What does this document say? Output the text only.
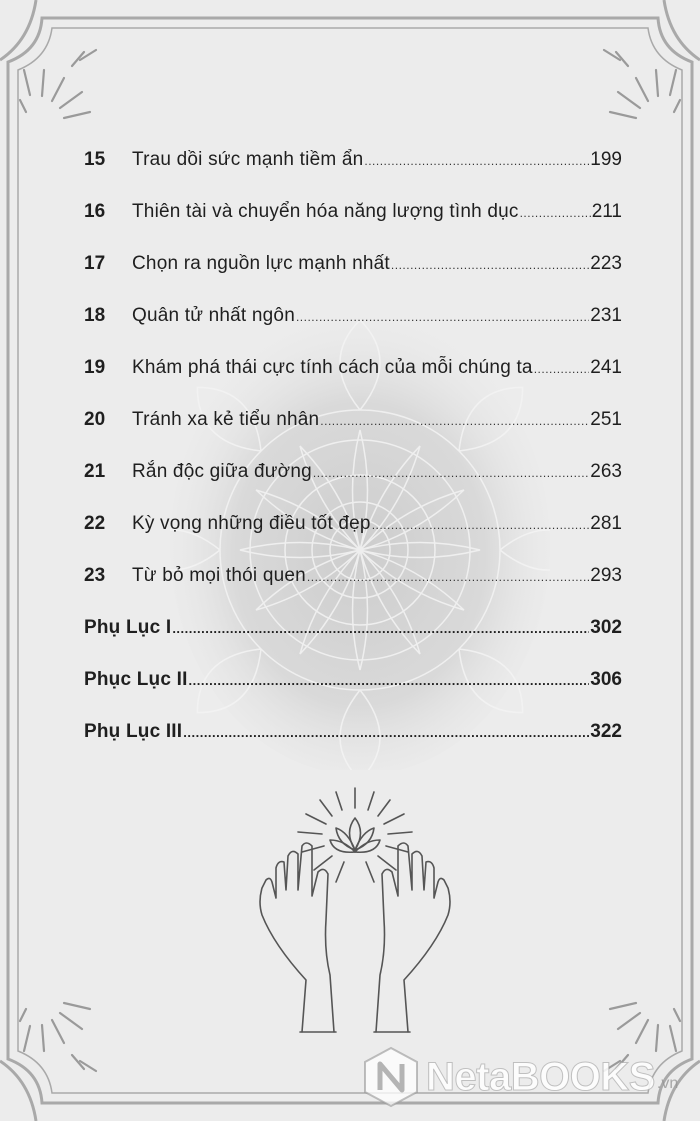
15	Trau dồi sức mạnh tiềm ẩn .....	199
16	Thiên tài và chuyển hóa năng lượng tình dục .....	211
17	Chọn ra nguồn lực mạnh nhất .....	223
18	Quân tử nhất ngôn .....	231
19	Khám phá thái cực tính cách của mỗi chúng ta .....	241
20	Tránh xa kẻ tiểu nhân .....	251
21	Rắn độc giữa đường .....	263
22	Kỳ vọng những điều tốt đẹp .....	281
23	Từ bỏ mọi thói quen .....	293
Phụ Lục I .....	302
Phục Lục II .....	306
Phụ Lục III .....	322
NetaBOOKS .vn
